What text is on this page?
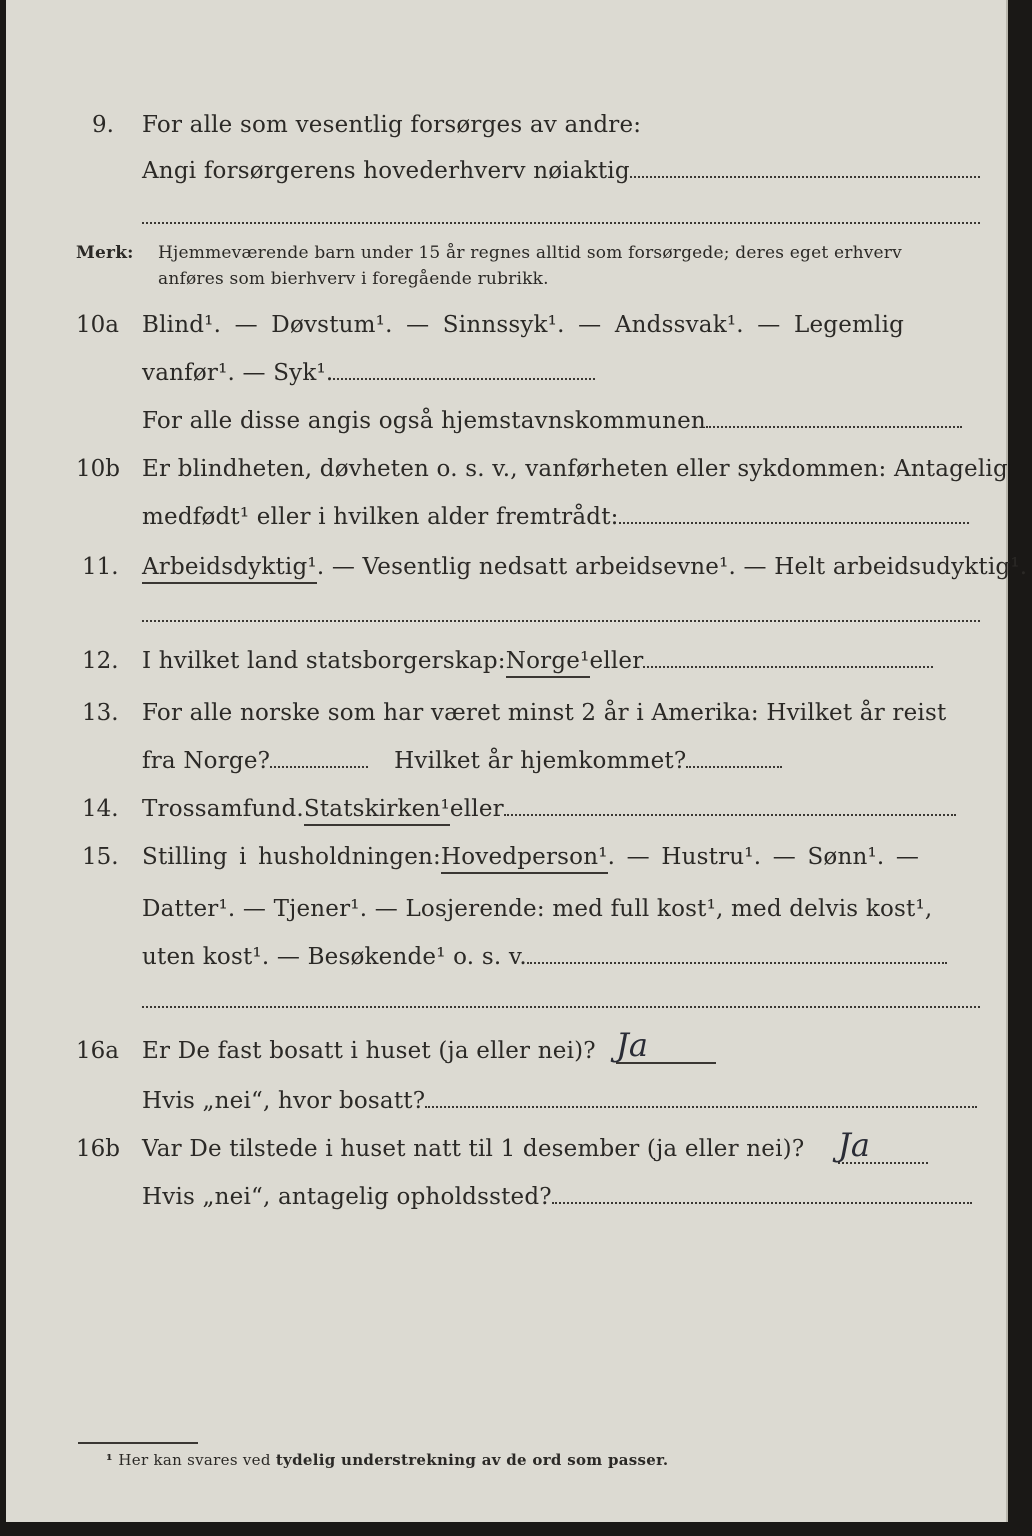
9. For alle som vesentlig forsørges av andre:
Angi forsørgerens hovederhverv nøiaktig
Merk: Hjemmeværende barn under 15 år regnes alltid som forsørgede; deres eget erhverv
anføres som bierhverv i foregående rubrikk.
10a Blind¹. — Døvstum¹. — Sinnssyk¹. — Andssvak¹. — Legemlig
vanfør¹. — Syk¹.
For alle disse angis også hjemstavnskommunen
10b Er blindheten, døvheten o. s. v., vanførheten eller sykdommen: Antagelig
medfødt¹ eller i hvilken alder fremtrådt:
11. Arbeidsdyktig¹. — Vesentlig nedsatt arbeidsevne¹. — Helt arbeidsudyktig¹.
12. I hvilket land statsborgerskap:Norge¹eller
13. For alle norske som har været minst 2 år i Amerika: Hvilket år reist
fra Norge?	Hvilket år hjemkommet?
14. Trossamfund.Statskirken¹eller
15. Stilling i husholdningen:Hovedperson¹. — Hustru¹. — Sønn¹. —
Datter¹. — Tjener¹. — Losjerende: med full kost¹, med delvis kost¹,
uten kost¹. — Besøkende¹ o. s. v.
16a Er De fast bosatt i huset (ja eller nei)? Ja
Hvis „nei“, hvor bosatt?
16b Var De tilstede i huset natt til 1 desember (ja eller nei)? Ja
Hvis „nei“, antagelig opholdssted?
¹ Her kan svares ved tydelig understrekning av de ord som passer.
